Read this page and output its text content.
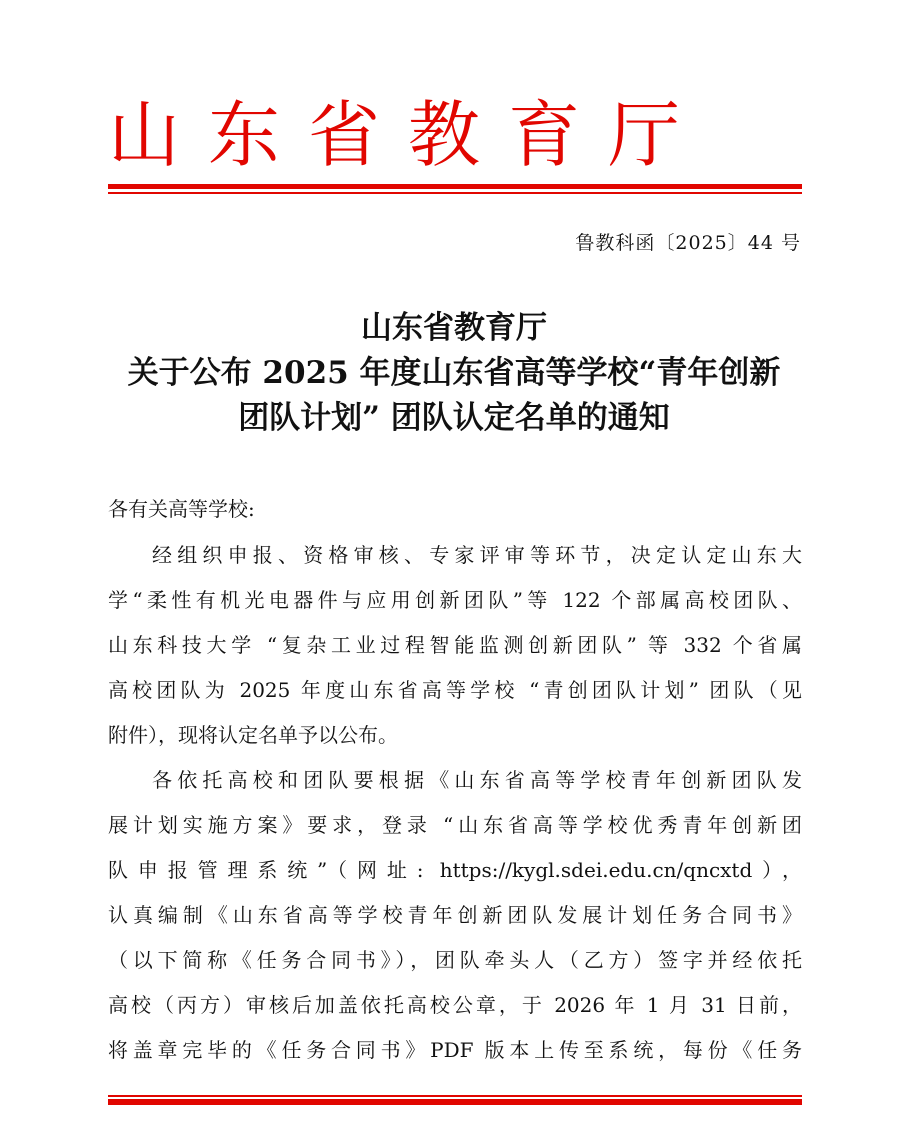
山东省教育厅
鲁教科函〔2025〕44 号
山东省教育厅
关于公布 2025 年度山东省高等学校“青年创新
团队计划” 团队认定名单的通知
各有关高等学校:
经组织申报、资格审核、专家评审等环节，决定认定山东大
学“柔性有机光电器件与应用创新团队”等 122 个部属高校团队、
山东科技大学 “复杂工业过程智能监测创新团队” 等 332 个省属
高校团队为 2025 年度山东省高等学校 “青创团队计划” 团队（见
附件），现将认定名单予以公布。
各依托高校和团队要根据《山东省高等学校青年创新团队发
展计划实施方案》要求，登录 “山东省高等学校优秀青年创新团
队申报管理系统”（网址: https://kygl.sdei.edu.cn/qncxtd），
认真编制《山东省高等学校青年创新团队发展计划任务合同书》
（以下简称《任务合同书》），团队牵头人（乙方）签字并经依托
高校（丙方）审核后加盖依托高校公章，于 2026 年 1 月 31 日前，
将盖章完毕的《任务合同书》PDF 版本上传至系统，每份《任务
